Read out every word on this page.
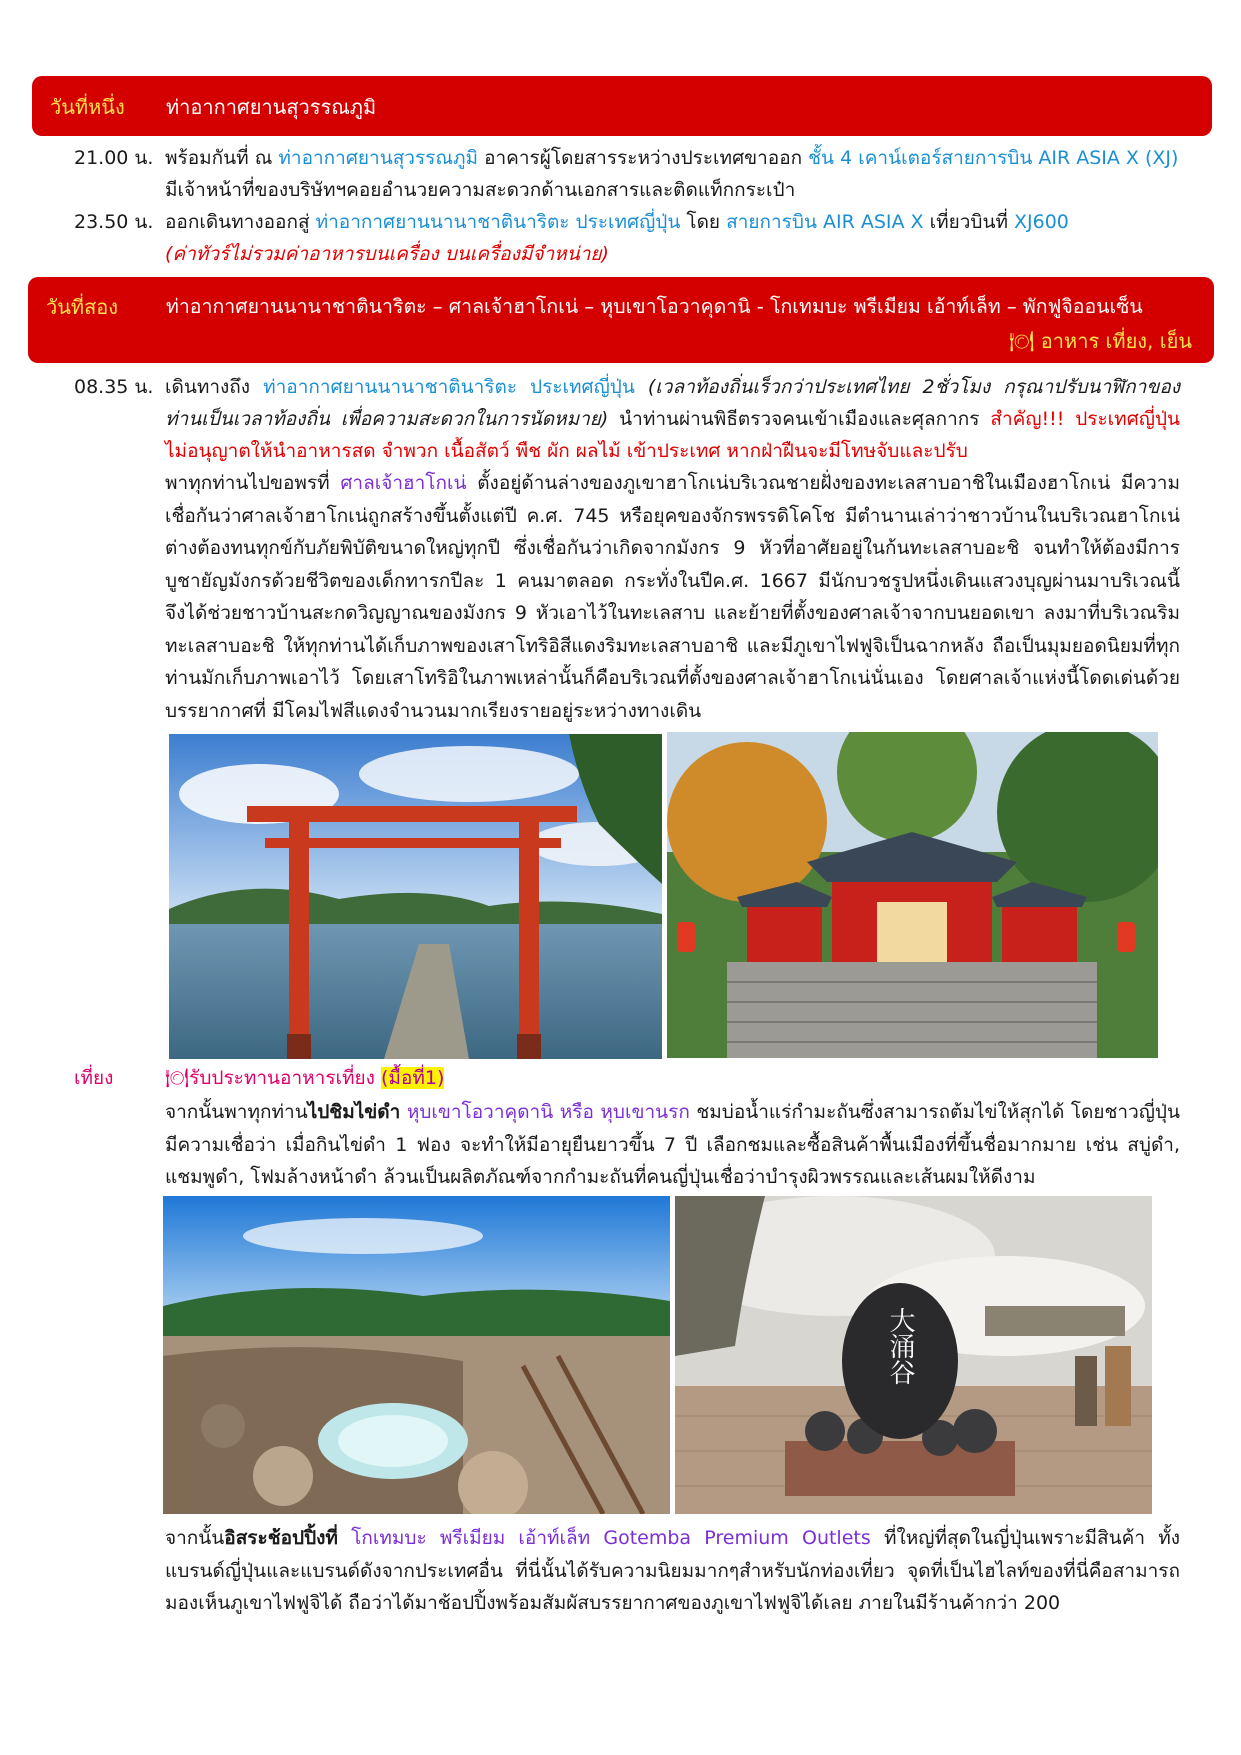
วันที่หนึ่ง ท่าอากาศยานสุวรรณภูมิ
21.00 น. พร้อมกันที่ ณ ท่าอากาศยานสุวรรณภูมิ อาคารผู้โดยสารระหว่างประเทศขาออก ชั้น 4 เคาน์เตอร์สายการบิน AIR ASIA X (XJ) มีเจ้าหน้าที่ของบริษัทฯคอยอำนวยความสะดวกด้านเอกสารและติดแท็กกระเป๋า
23.50 น. ออกเดินทางออกสู่ ท่าอากาศยานนานาชาตินาริตะ ประเทศญี่ปุ่น โดย สายการบิน AIR ASIA X เที่ยวบินที่ XJ600
(ค่าทัวร์ไม่รวมค่าอาหารบนเครื่อง บนเครื่องมีจำหน่าย)
วันที่สอง ท่าอากาศยานนานาชาตินาริตะ – ศาลเจ้าฮาโกเน่ – หุบเขาโอวาคุดานิ - โกเทมบะ พรีเมียม เอ้าท์เล็ท – พักฟูจิออนเซ็น
🍽 อาหาร เที่ยง, เย็น
08.35 น. เดินทางถึง ท่าอากาศยานนานาชาตินาริตะ ประเทศญี่ปุ่น (เวลาท้องถิ่นเร็วกว่าประเทศไทย 2ชั่วโมง กรุณาปรับนาฬิกาของท่านเป็นเวลาท้องถิ่น เพื่อความสะดวกในการนัดหมาย) นำท่านผ่านพิธีตรวจคนเข้าเมืองและศุลกากร สำคัญ!!! ประเทศญี่ปุ่นไม่อนุญาตให้นำอาหารสด จำพวก เนื้อสัตว์ พืช ผัก ผลไม้ เข้าประเทศ หากฝ่าฝืนจะมีโทษจับและปรับ
พาทุกท่านไปขอพรที่ ศาลเจ้าฮาโกเน่ ตั้งอยู่ด้านล่างของภูเขาฮาโกเน่บริเวณชายฝั่งของทะเลสาบอาชิในเมืองฮาโกเน่ มีความเชื่อกันว่าศาลเจ้าฮาโกเน่ถูกสร้างขึ้นตั้งแต่ปี ค.ศ. 745 หรือยุคของจักรพรรดิโคโช มีตำนานเล่าว่าชาวบ้านในบริเวณฮาโกเน่ต่างต้องทนทุกข์กับภัยพิบัติขนาดใหญ่ทุกปี ซึ่งเชื่อกันว่าเกิดจากมังกร 9 หัวที่อาศัยอยู่ในก้นทะเลสาบอะชิ จนทำให้ต้องมีการบูชายัญมังกรด้วยชีวิตของเด็กทารกปีละ 1 คนมาตลอด กระทั่งในปีค.ศ. 1667 มีนักบวชรูปหนึ่งเดินแสวงบุญผ่านมาบริเวณนี้ จึงได้ช่วยชาวบ้านสะกดวิญญาณของมังกร 9 หัวเอาไว้ในทะเลสาบ และย้ายที่ตั้งของศาลเจ้าจากบนยอดเขา ลงมาที่บริเวณริมทะเลสาบอะชิ ให้ทุกท่านได้เก็บภาพของเสาโทริอิสีแดงริมทะเลสาบอาชิ และมีภูเขาไฟฟูจิเป็นฉากหลัง ถือเป็นมุมยอดนิยมที่ทุกท่านมักเก็บภาพเอาไว้ โดยเสาโทริอิในภาพเหล่านั้นก็คือบริเวณที่ตั้งของศาลเจ้าฮาโกเน่นั่นเอง โดยศาลเจ้าแห่งนี้โดดเด่นด้วยบรรยากาศที่ มีโคมไฟสีแดงจำนวนมากเรียงรายอยู่ระหว่างทางเดิน
เที่ยง	🍽รับประทานอาหารเที่ยง (มื้อที่1)
จากนั้นพาทุกท่านไปชิมไข่ดำ หุบเขาโอวาคุดานิ หรือ หุบเขานรก ชมบ่อน้ำแร่กำมะถันซึ่งสามารถต้มไข่ให้สุกได้ โดยชาวญี่ปุ่นมีความเชื่อว่า เมื่อกินไข่ดำ 1 ฟอง จะทำให้มีอายุยืนยาวขึ้น 7 ปี เลือกชมและซื้อสินค้าพื้นเมืองที่ขึ้นชื่อมากมาย เช่น สบู่ดำ, แชมพูดำ, โฟมล้างหน้าดำ ล้วนเป็นผลิตภัณฑ์จากกำมะถันที่คนญี่ปุ่นเชื่อว่าบำรุงผิวพรรณและเส้นผมให้ดีงาม
大涌谷
จากนั้นอิสระช้อปปิ้งที่ โกเทมบะ พรีเมียม เอ้าท์เล็ท Gotemba Premium Outlets ที่ใหญ่ที่สุดในญี่ปุ่นเพราะมีสินค้า ทั้งแบรนด์ญี่ปุ่นและแบรนด์ดังจากประเทศอื่น ที่นี่นั้นได้รับความนิยมมากๆสำหรับนักท่องเที่ยว จุดที่เป็นไฮไลท์ของที่นี่คือสามารถมองเห็นภูเขาไฟฟูจิได้ ถือว่าได้มาช้อปปิ้งพร้อมสัมผัสบรรยากาศของภูเขาไฟฟูจิได้เลย ภายในมีร้านค้ากว่า 200
